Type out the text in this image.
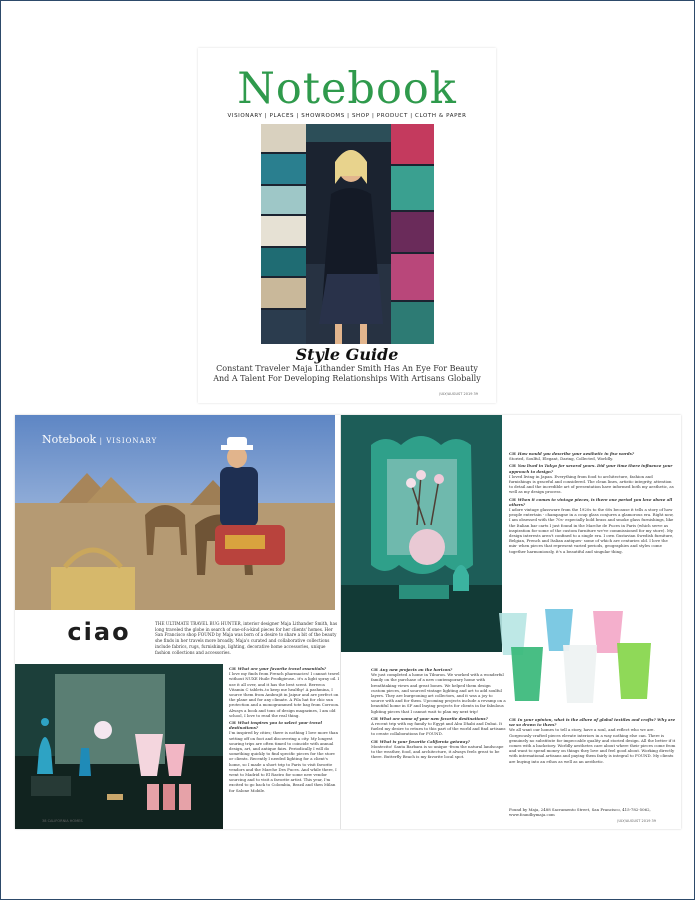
Notebook
VISIONARY | PLACES | SHOWROOMS | SHOP | PRODUCT | CLOTH & PAPER
Style Guide
Constant Traveler Maja Lithander Smith Has An Eye For Beauty
And A Talent For Developing Relationships With Artisans Globally
JULY/AUGUST 2019 39
Notebook | VISIONARY
ciao	THE ULTIMATE TRAVEL BUG HUNTER, interior designer Maja Lithander Smith, has long traveled the globe in search of one-of-a-kind pieces for her clients' homes. Her San Francisco shop FOUND by Maja was born of a desire to share a bit of the beauty she finds in her travels more broadly. Maja's curated and collaborative collections include fabrics, rugs, furnishings, lighting, decorative home accessories, unique fashion collections and accessories.
CH What are your favorite travel essentials?

I love my finds from French pharmacies! I cannot travel without NUXE Huile Prodigieuse– it's a light spray oil. I use it all over, and it has the best scent. Bereeca Vitamin C tablets–to keep me healthy! A pashmina, I source them from Ambrajit in Jaipur and are perfect on the plane and for any climate. A Fila hat for chic sun protection and a monogrammed tote bag from Corroon. Always a book and tons of design magazines, I am old school, I love to read the real thing.

CH What inspires you to select your travel destinations?

I'm inspired by cities; there is nothing I love more than setting off on foot and discovering a city. My longest souring trips are often timed to coincide with annual design, art, and antique fairs. Periodically I will do something quickly to find specific pieces for the store or clients. Recently I needed lighting for a client's home, so I made a short trip to Paris to visit favorite vendors and the Marche Des Puces. And while there, I went to Madrid to El Rastro for some new vendor sourcing and to visit a favorite artist. This year, I'm excited to go back to Colombia, Brazil and then Milan for Salone Mobile.

38 CALIFORNIA HOMES
CH How would you describe your aesthetic in five words?

Storied, Soulful, Elegant, Daring, Collected, Worldly.

CH You lived in Tokyo for several years. Did your time there influence your approach to design?

I loved living in Japan. Everything from food to architecture, fashion and furnishings is graceful and considered. The clean lines, artistic integrity, attention to detail and the incredible art of presentation have informed both my aesthetic, as well as my design process.

CH When it comes to vintage pieces, is there one period you love above all others?

I adore vintage glassware from the 1920s to the 60s because it tells a story of how people entertain - champagne in a coup glass conjures a glamorous era. Right now, I am obsessed with the 70s- especially bold brass and smoke glass furnishings, like the Italian bar carts I just found in the Marche de Puces in Paris (which serve as inspiration for some of the custom furniture we've commissioned for my store). My design interests aren't confined to a single era. I own Gustavian Swedish furniture, Belgian, French and Italian antiques- some of which are centuries old. I love the mix- when pieces that represent varied periods, geographies and styles come together harmoniously, it's a beautiful and singular thing.

CH Any new projects on the horizon?

We just completed a home in Tiburon. We worked with a wonderful family on the purchase of a new contemporary home with breathtaking views and great bones. We helped them design custom pieces, and sourced vintage lighting and art to add soulful layers. They are burgeoning art collectors, and it was a joy to source with and for them. Upcoming projects include a revamp on a beautiful home in SF and buying projects for clients in far fabulous lighting pieces that I cannot wait to plan my next trip!

CH What are some of your new favorite destinations?

A recent trip with my family to Egypt and Abu Dhabi and Dubai. It fueled my desire to return to this part of the world and find artisans to create collaborations for FOUND.

CH What is your favorite California getaway?

Montecito! Santa Barbara is so unique -from the natural landscape to the weather, food, and architecture, it always feels great to be there. Butterfly Beach is my favorite local spot.

CH In your opinion, what is the allure of global textiles and crafts? Why are we so drawn to them?

We all want our homes to tell a story, have a soul, and reflect who we are. Gorgeously-crafted pieces elevate interiors in a way nothing else can. There is genuinely no substitute for impeccable quality and storied design. All the better if it comes with a backstory. Worldly aesthetes care about where their pieces come from and want to spend money on things they love and feel good about. Working directly with international artisans and paying them fairly is integral to FOUND. My clients are buying into an ethos as well as an aesthetic.

Found by Maja, 2488 Sacramento Street, San Francisco, 415-782-5062, www.foundbymaja.com
JULY/AUGUST 2019 39
